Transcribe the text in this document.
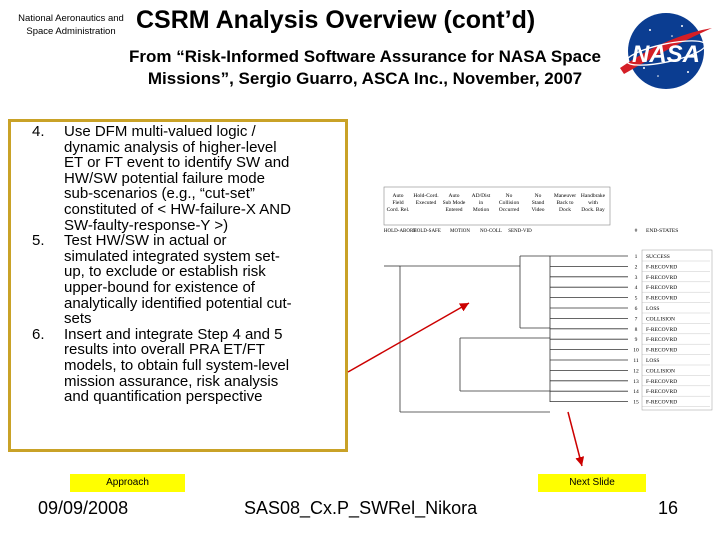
National Aeronautics and
Space Administration CSRM Analysis Overview (cont’d)
From “Risk-Informed Software Assurance for NASA Space
Missions”, Sergio Guarro, ASCA Inc., November, 2007
NASA
4. Use DFM multi-valued logic /
dynamic analysis of higher-level
ET or FT event to identify SW and
HW/SW potential failure mode
sub-scenarios (e.g., “cut-set”
constituted of < HW-failure-X AND
SW-faulty-response-Y >)
5. Test HW/SW in actual or
simulated integrated system set-
up, to exclude or establish risk
upper-bound for existence of
analytically identified potential cut-
sets
6. Insert and integrate Step 4 and 5
results into overall PRA ET/FT
models, to obtain full system-level
mission assurance, risk analysis
and quantification perspective
Auto
Field
Cord. Rel.
Hold-Cord.
Executed
Auto
Sub Mode
Entered
AD/Dist
in
Motion
No
Collision
Occurred
No
Stand
Video
Maneuver
Back to
Dock
Handbrake
with
Dock. Bay
HOLD-ABORT
HOLD-SAFE MOTION NO-COLL SEND-VID	# END-STATES
1 SUCCESS
2 F-RECOVRD
3 F-RECOVRD
4 F-RECOVRD
5 F-RECOVRD
6 LOSS
7 COLLISION
8 F-RECOVRD
9 F-RECOVRD
10 F-RECOVRD
11 LOSS
12 COLLISION
13 F-RECOVRD
14 F-RECOVRD
15 F-RECOVRD
Approach	Next Slide
09/09/2008	SAS08_Cx.P_SWRel_Nikora	16
